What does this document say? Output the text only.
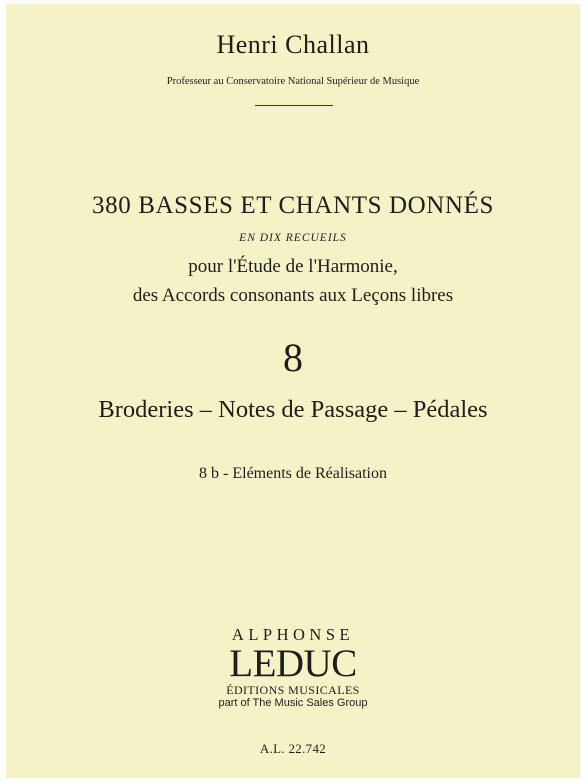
Henri Challan
Professeur au Conservatoire National Supérieur de Musique
380 BASSES ET CHANTS DONNÉS
EN DIX RECUEILS
pour l'Étude de l'Harmonie,
des Accords consonants aux Leçons libres
8
Broderies – Notes de Passage – Pédales
8 b - Eléments de Réalisation
ALPHONSE
LEDUC
ÉDITIONS MUSICALES
part of The Music Sales Group
A.L. 22.742
